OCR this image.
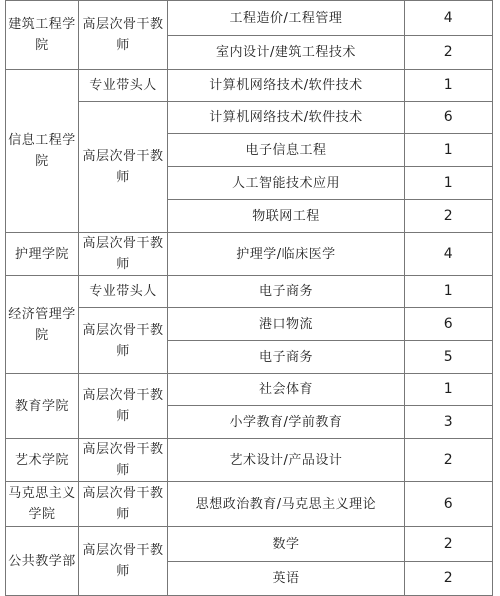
建筑工程学院	高层次骨干教师	工程造价/工程管理	4
		室内设计/建筑工程技术	2
信息工程学院	专业带头人	计算机网络技术/软件技术	1
	高层次骨干教师	计算机网络技术/软件技术	6
		电子信息工程	1
		人工智能技术应用	1
		物联网工程	2
护理学院	高层次骨干教师	护理学/临床医学	4
经济管理学院	专业带头人	电子商务	1
	高层次骨干教师	港口物流	6
		电子商务	5
教育学院	高层次骨干教师	社会体育	1
		小学教育/学前教育	3
艺术学院	高层次骨干教师	艺术设计/产品设计	2
马克思主义学院	高层次骨干教师	思想政治教育/马克思主义理论	6
公共教学部	高层次骨干教师	数学	2
		英语	2
